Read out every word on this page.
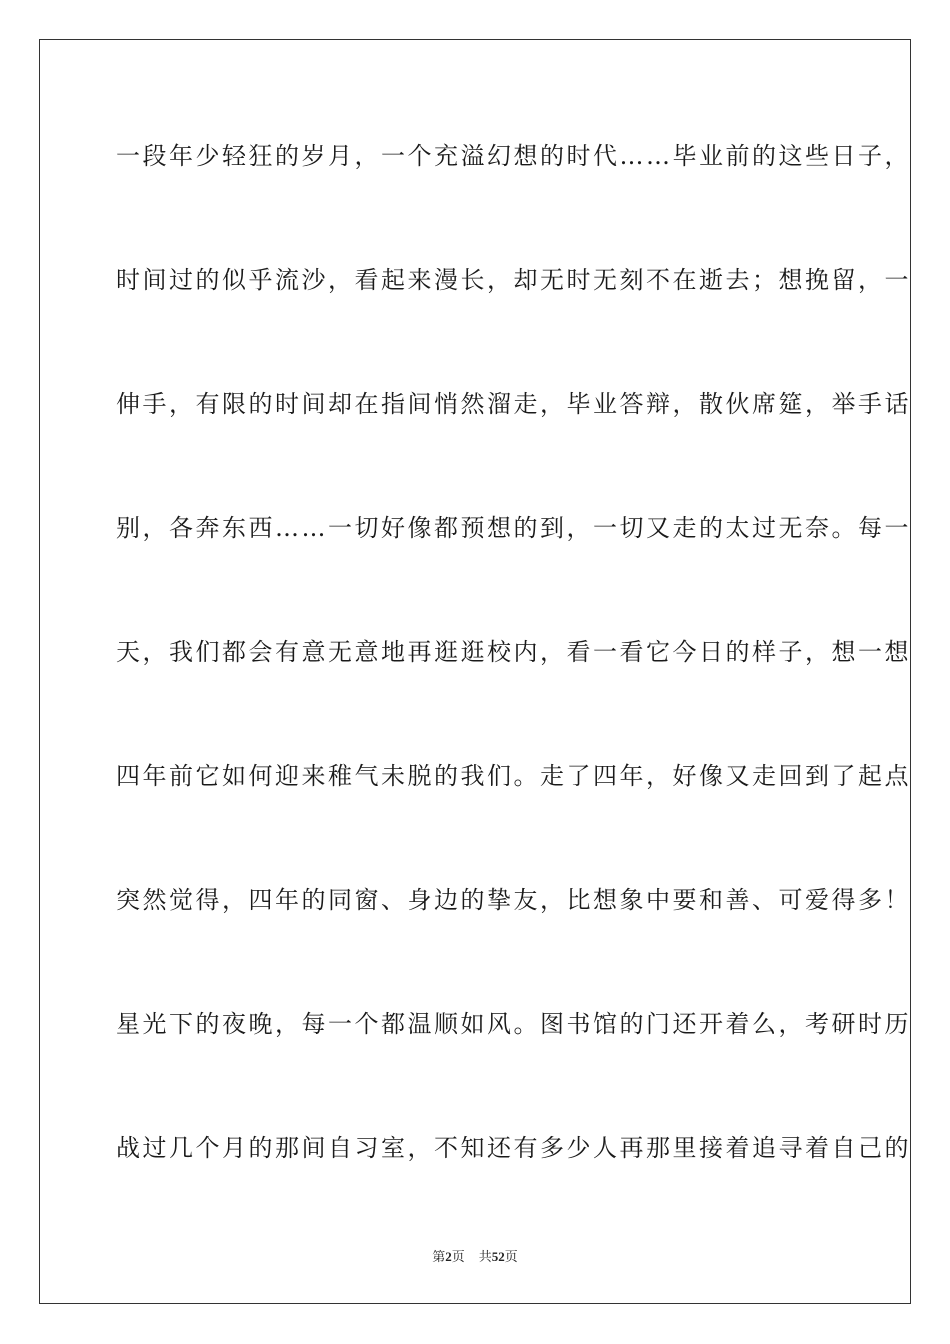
一段年少轻狂的岁月，一个充溢幻想的时代……毕业前的这些日子，
时间过的似乎流沙，看起来漫长，却无时无刻不在逝去；想挽留，一
伸手，有限的时间却在指间悄然溜走，毕业答辩，散伙席筵，举手话
别，各奔东西……一切好像都预想的到，一切又走的太过无奈。每一
天，我们都会有意无意地再逛逛校内，看一看它今日的样子，想一想
四年前它如何迎来稚气未脱的我们。走了四年，好像又走回到了起点
突然觉得，四年的同窗、身边的挚友，比想象中要和善、可爱得多！
星光下的夜晚，每一个都温顺如风。图书馆的门还开着么，考研时历
战过几个月的那间自习室，不知还有多少人再那里接着追寻着自己的
第2页 共52页
